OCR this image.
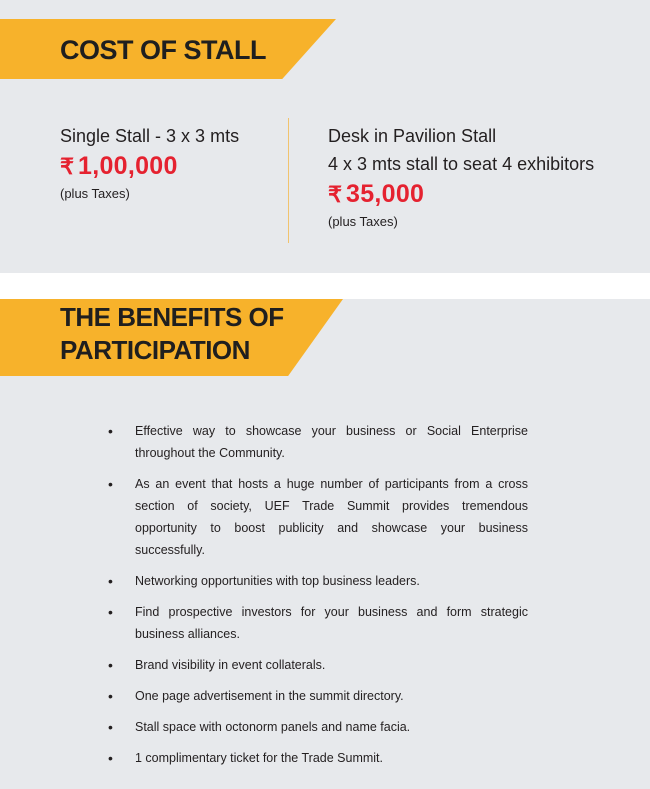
COST OF STALL
Single Stall - 3 x 3 mts
₹ 1,00,000
(plus Taxes)
Desk in Pavilion Stall
4 x 3 mts stall to seat 4 exhibitors
₹ 35,000
(plus Taxes)
THE BENEFITS OF
PARTICIPATION
• Effective way to showcase your business or Social Enterprise throughout the Community.
• As an event that hosts a huge number of participants from a cross section of society, UEF Trade Summit provides tremendous opportunity to boost publicity and showcase your business successfully.
• Networking opportunities with top business leaders.
• Find prospective investors for your business and form strategic business alliances.
• Brand visibility in event collaterals.
• One page advertisement in the summit directory.
• Stall space with octonorm panels and name facia.
• 1 complimentary ticket for the Trade Summit.
